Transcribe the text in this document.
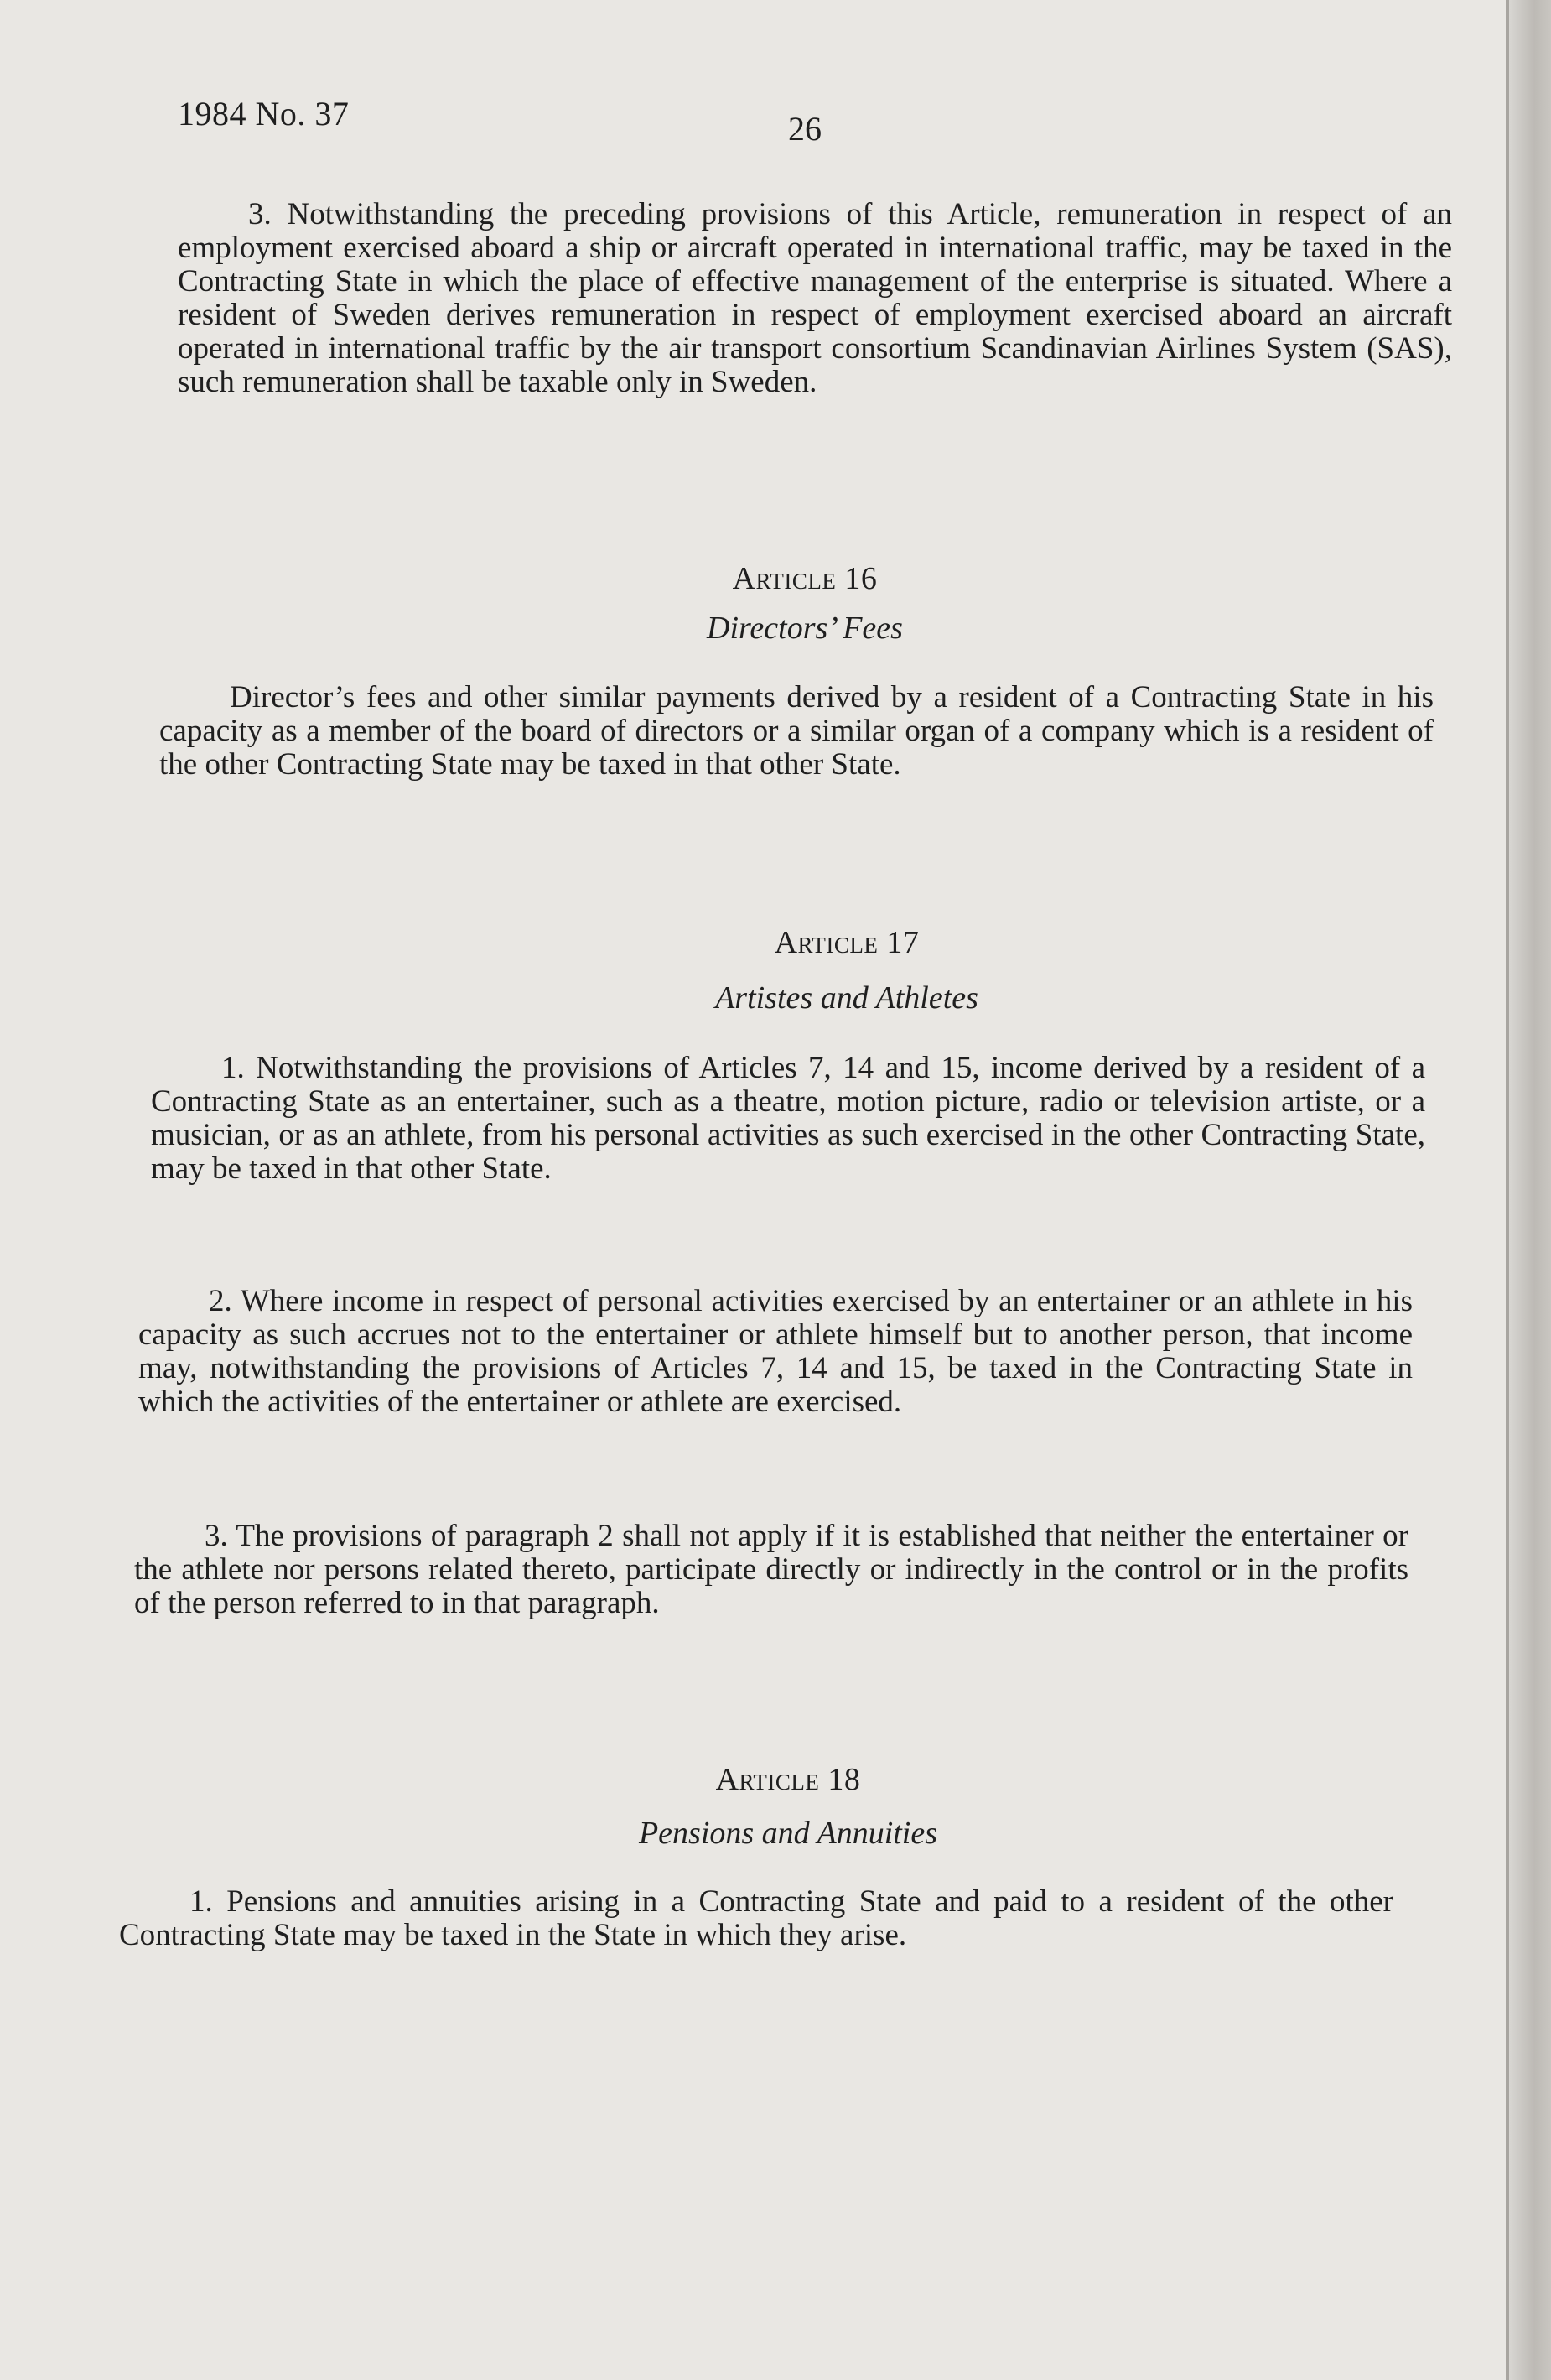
1984 No. 37	26

3. Notwithstanding the preceding provisions of this Article, remuneration in respect of an employment exercised aboard a ship or aircraft operated in international traffic, may be taxed in the Contracting State in which the place of effective management of the enterprise is situated. Where a resident of Sweden derives remuneration in respect of employment exercised aboard an aircraft operated in international traffic by the air transport consortium Scandinavian Airlines System (SAS), such remuneration shall be taxable only in Sweden.

Article 16
Directors’ Fees

Director’s fees and other similar payments derived by a resident of a Contracting State in his capacity as a member of the board of directors or a similar organ of a company which is a resident of the other Contracting State may be taxed in that other State.

Article 17
Artistes and Athletes

1. Notwithstanding the provisions of Articles 7, 14 and 15, income derived by a resident of a Contracting State as an entertainer, such as a theatre, motion picture, radio or television artiste, or a musician, or as an athlete, from his personal activities as such exercised in the other Contracting State, may be taxed in that other State.

2. Where income in respect of personal activities exercised by an entertainer or an athlete in his capacity as such accrues not to the entertainer or athlete himself but to another person, that income may, notwithstanding the provisions of Articles 7, 14 and 15, be taxed in the Contracting State in which the activities of the entertainer or athlete are exercised.

3. The provisions of paragraph 2 shall not apply if it is established that neither the entertainer or the athlete nor persons related thereto, participate directly or indirectly in the control or in the profits of the person referred to in that paragraph.

Article 18
Pensions and Annuities

1. Pensions and annuities arising in a Contracting State and paid to a resident of the other Contracting State may be taxed in the State in which they arise.
